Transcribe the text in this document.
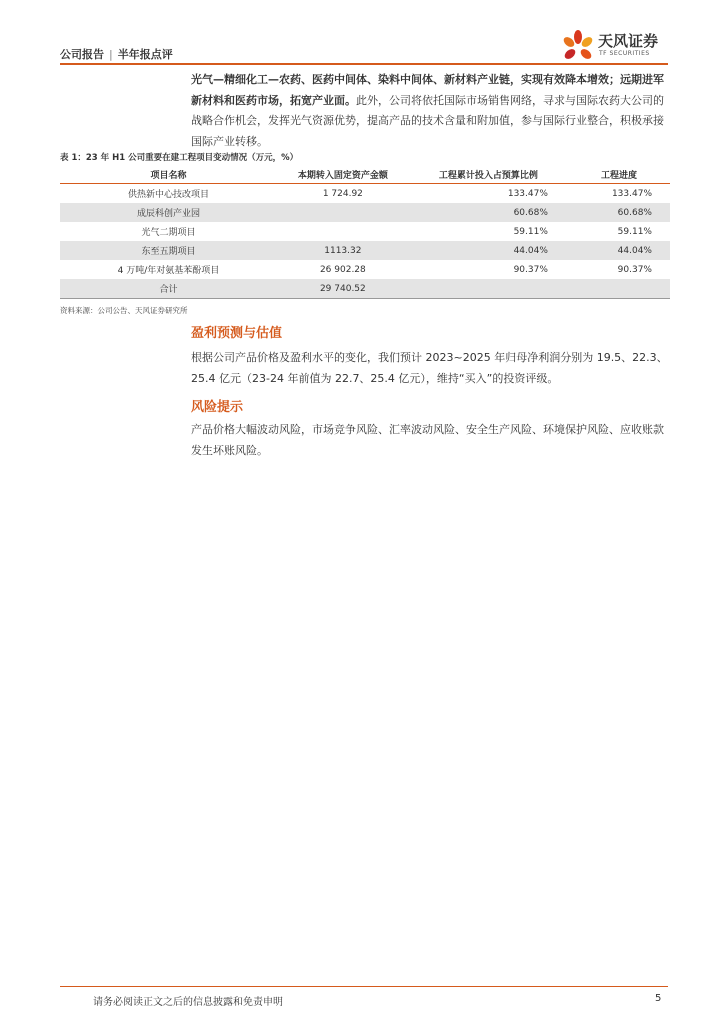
公司报告 | 半年报点评
天风证券
TF SECURITIES
光气—精细化工—农药、医药中间体、染料中间体、新材料产业链，实现有效降本增效；远期进军新材料和医药市场，拓宽产业面。此外，公司将依托国际市场销售网络，寻求与国际农药大公司的战略合作机会，发挥光气资源优势，提高产品的技术含量和附加值，参与国际行业整合，积极承接国际产业转移。
表 1：23 年 H1 公司重要在建工程项目变动情况（万元，%）
项目名称	本期转入固定资产金额	工程累计投入占预算比例	工程进度
供热新中心技改项目	1 724.92	133.47%	133.47%
成辰科创产业园		60.68%	60.68%
光气二期项目		59.11%	59.11%
东至五期项目	1113.32	44.04%	44.04%
4 万吨/年对氨基苯酚项目	26 902.28	90.37%	90.37%
合计	29 740.52		
资料来源：公司公告、天风证券研究所
盈利预测与估值
根据公司产品价格及盈利水平的变化，我们预计 2023~2025 年归母净利润分别为 19.5、22.3、25.4 亿元（23-24 年前值为 22.7、25.4 亿元），维持“买入”的投资评级。
风险提示
产品价格大幅波动风险，市场竞争风险、汇率波动风险、安全生产风险、环境保护风险、应收账款发生坏账风险。
请务必阅读正文之后的信息披露和免责申明	5
